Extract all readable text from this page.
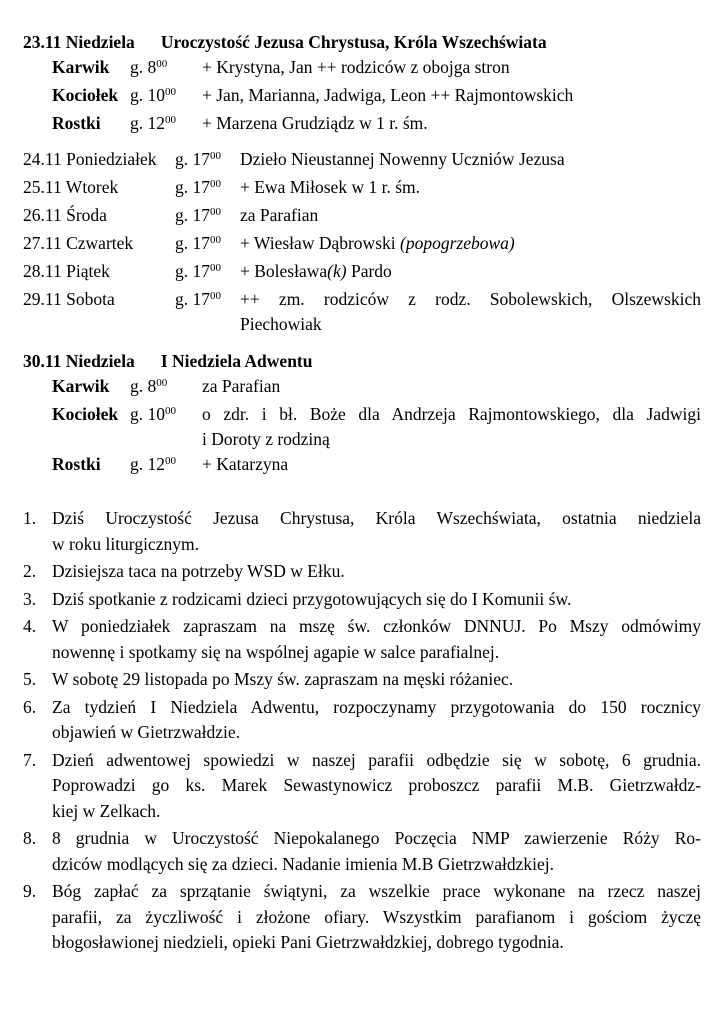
23.11 Niedziela Uroczystość Jezusa Chrystusa, Króla Wszechświata
Karwik	g. $8^{00}$	+ Krystyna, Jan ++ rodziców z obojga stron
Kociołek g. $10^{00}$	+ Jan, Marianna, Jadwiga, Leon ++ Rajmontowskich
Rostki	g. $12^{00}$	+ Marzena Grudziądz w 1 r. śm.
24.11 Poniedziałek	g. $17^{00}$	Dzieło Nieustannej Nowenny Uczniów Jezusa
25.11 Wtorek	g. $17^{00}$	+ Ewa Miłosek w 1 r. śm.
26.11 Środa	g. $17^{00}$	za Parafian
27.11 Czwartek	g. $17^{00}$	+ Wiesław Dąbrowski (popogrzebowa)
28.11 Piątek	g. $17^{00}$	+ Bolesława(k) Pardo
29.11 Sobota	g. $17^{00}$	++ zm. rodziców z rodz. Sobolewskich, Olszewskich
Piechowiak
30.11 Niedziela I Niedziela Adwentu
Karwik	g. $8^{00}$	za Parafian
Kociołek g. $10^{00}$	o zdr. i bł. Boże dla Andrzeja Rajmontowskiego, dla Jadwigi
i Doroty z rodziną
Rostki	g. $12^{00}$	+ Katarzyna
1. Dziś Uroczystość Jezusa Chrystusa, Króla Wszechświata, ostatnia niedziela
w roku liturgicznym.
2. Dzisiejsza taca na potrzeby WSD w Ełku.
3. Dziś spotkanie z rodzicami dzieci przygotowujących się do I Komunii św.
4. W poniedziałek zapraszam na mszę św. członków DNNUJ. Po Mszy odmówimy
nowennę i spotkamy się na wspólnej agapie w salce parafialnej.
5. W sobotę 29 listopada po Mszy św. zapraszam na męski różaniec.
6. Za tydzień I Niedziela Adwentu, rozpoczynamy przygotowania do 150 rocznicy
objawień w Gietrzwałdzie.
7. Dzień adwentowej spowiedzi w naszej parafii odbędzie się w sobotę, 6 grudnia.
Poprowadzi go ks. Marek Sewastynowicz proboszcz parafii M.B. Gietrzwałdz-
kiej w Zelkach.
8. 8 grudnia w Uroczystość Niepokalanego Poczęcia NMP zawierzenie Róży Ro-
dziców modlących się za dzieci. Nadanie imienia M.B Gietrzwałdzkiej.
9. Bóg zapłać za sprzątanie świątyni, za wszelkie prace wykonane na rzecz naszej
parafii, za życzliwość i złożone ofiary. Wszystkim parafianom i gościom życzę
błogosławionej niedzieli, opieki Pani Gietrzwałdzkiej, dobrego tygodnia.
